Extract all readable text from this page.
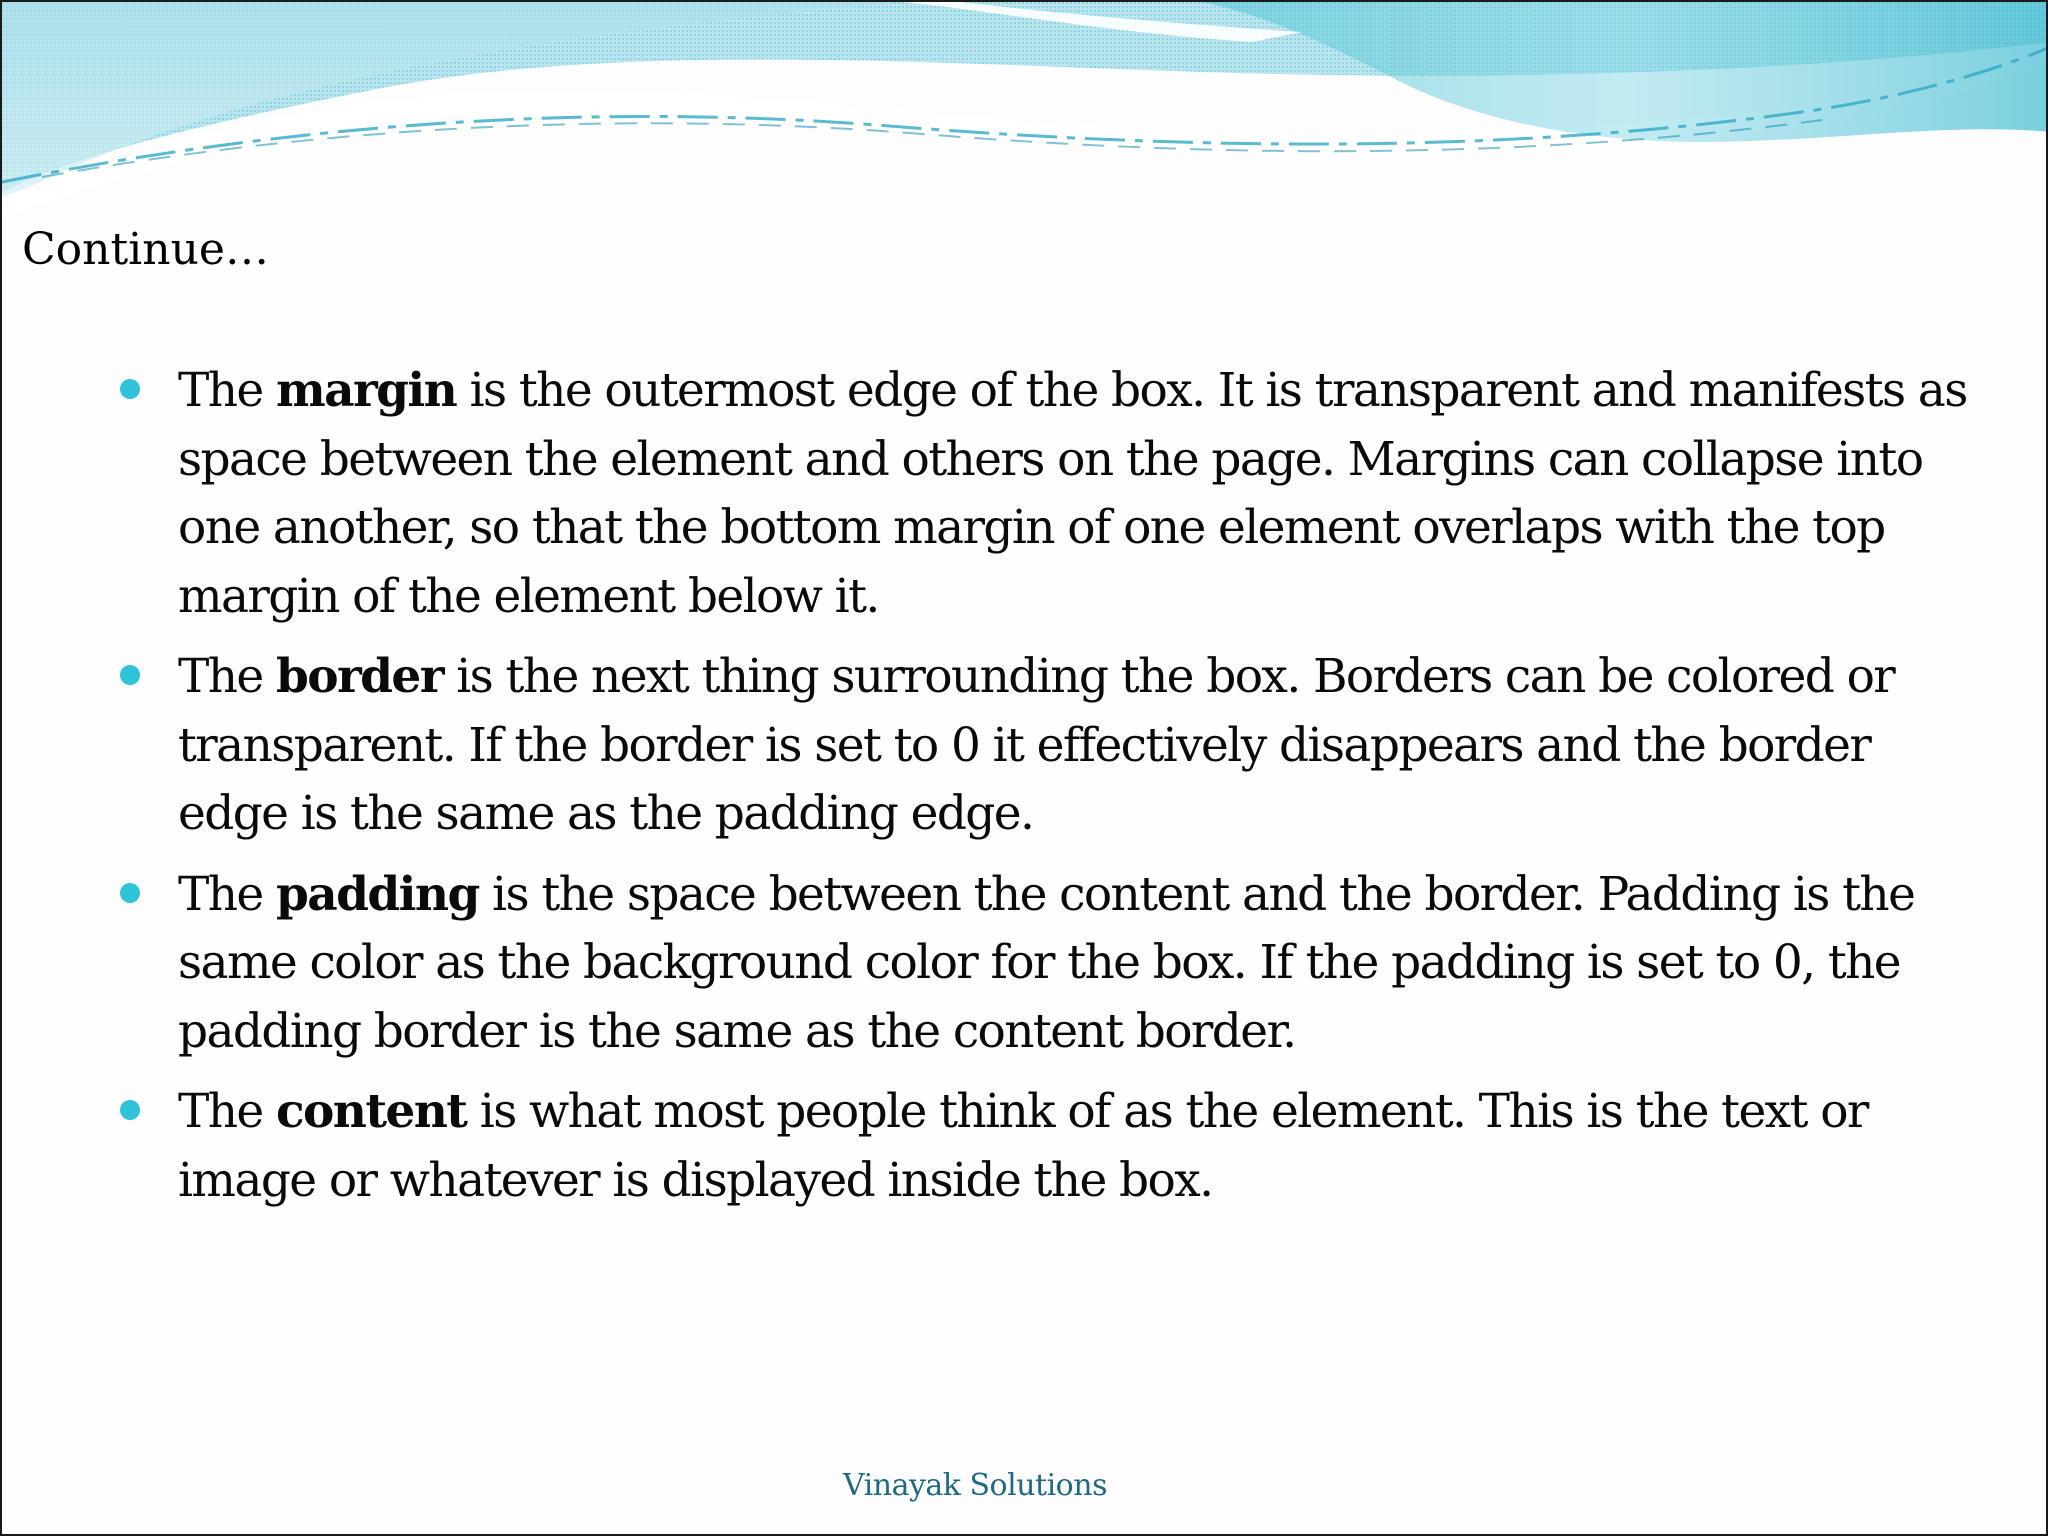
Continue…
The margin is the outermost edge of the box. It is transparent and manifests as space between the element and others on the page. Margins can collapse into one another, so that the bottom margin of one element overlaps with the top margin of the element below it.
The border is the next thing surrounding the box. Borders can be colored or transparent. If the border is set to 0 it effectively disappears and the border edge is the same as the padding edge.
The padding is the space between the content and the border. Padding is the same color as the background color for the box. If the padding is set to 0, the padding border is the same as the content border.
The content is what most people think of as the element. This is the text or image or whatever is displayed inside the box.
Vinayak Solutions
